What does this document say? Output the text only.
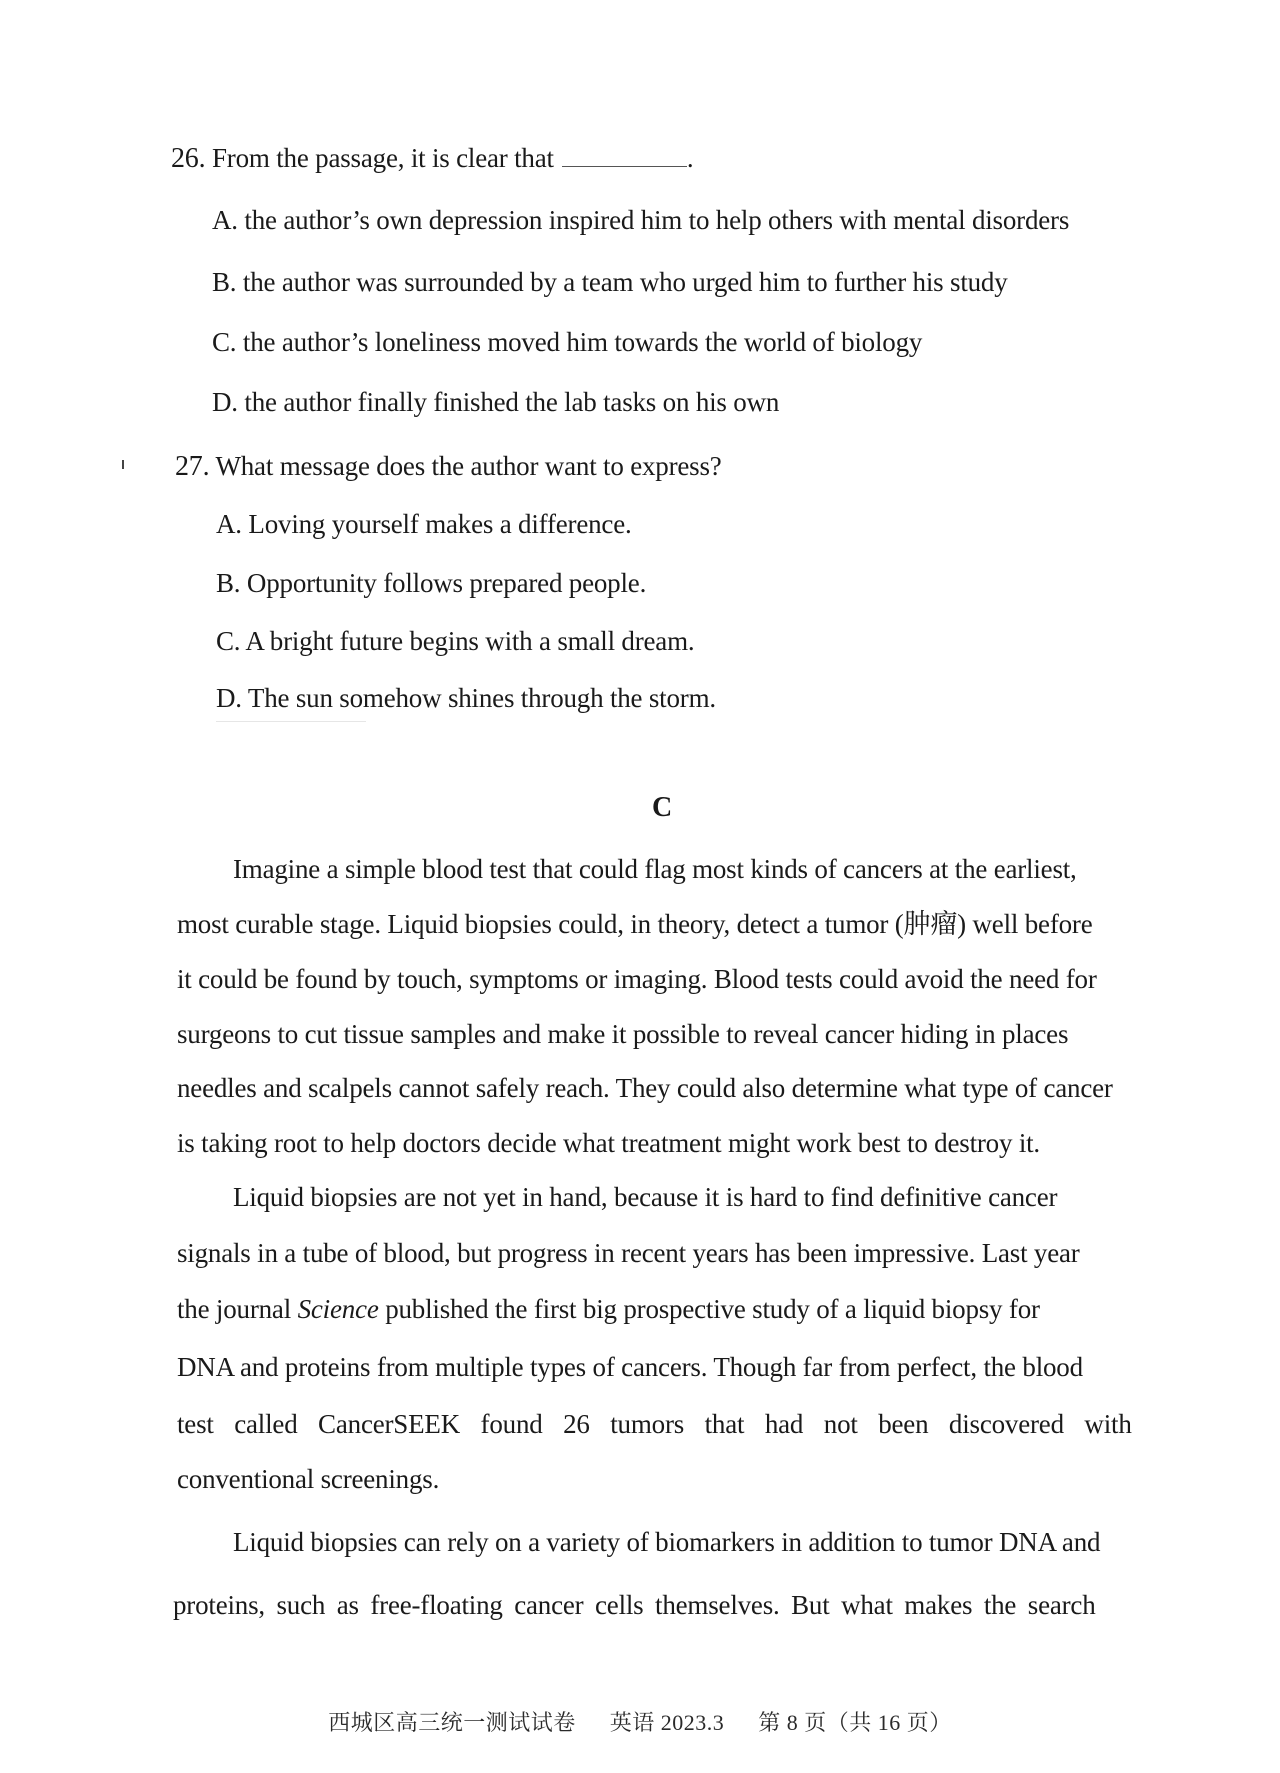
26. From the passage, it is clear that	.
A. the author’s own depression inspired him to help others with mental disorders
B. the author was surrounded by a team who urged him to further his study
C. the author’s loneliness moved him towards the world of biology
D. the author finally finished the lab tasks on his own
27. What message does the author want to express?
A. Loving yourself makes a difference.
B. Opportunity follows prepared people.
C. A bright future begins with a small dream.
D. The sun somehow shines through the storm.
C
Imagine a simple blood test that could flag most kinds of cancers at the earliest,
most curable stage. Liquid biopsies could, in theory, detect a tumor (肿瘤) well before
it could be found by touch, symptoms or imaging. Blood tests could avoid the need for
surgeons to cut tissue samples and make it possible to reveal cancer hiding in places
needles and scalpels cannot safely reach. They could also determine what type of cancer
is taking root to help doctors decide what treatment might work best to destroy it.
Liquid biopsies are not yet in hand, because it is hard to find definitive cancer
signals in a tube of blood, but progress in recent years has been impressive. Last year
the journal Science published the first big prospective study of a liquid biopsy for
DNA and proteins from multiple types of cancers. Though far from perfect, the blood
test called CancerSEEK found 26 tumors that had not been discovered with
conventional screenings.
Liquid biopsies can rely on a variety of biomarkers in addition to tumor DNA and
proteins, such as free-floating cancer cells themselves. But what makes the search
西城区高三统一测试试卷 英语 2023.3 第 8 页（共 16 页）
